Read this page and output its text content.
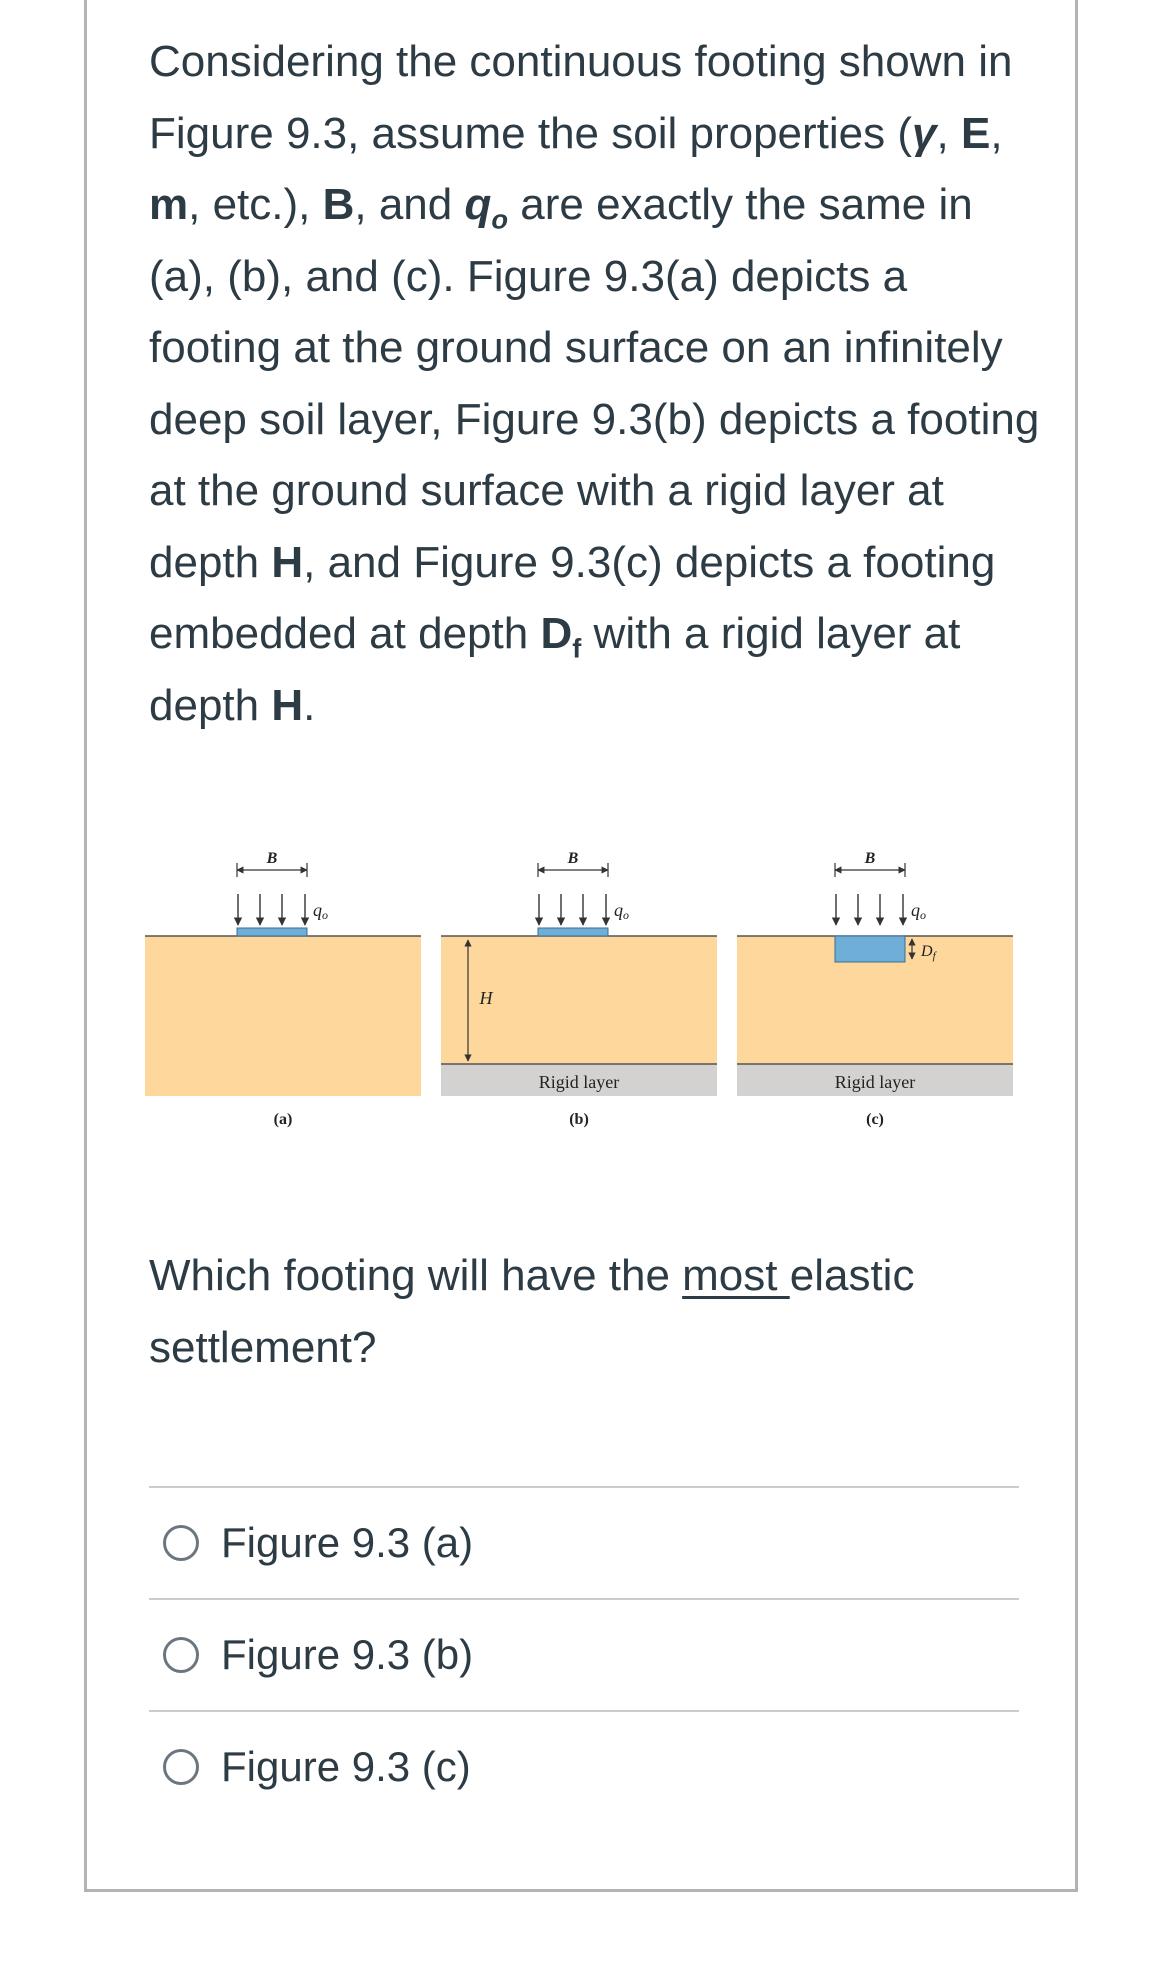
Considering the continuous footing shown in Figure 9.3, assume the soil properties (γ, E, m, etc.), B, and $q_o$ are exactly the same in (a), (b), and (c). Figure 9.3(a) depicts a footing at the ground surface on an infinitely deep soil layer, Figure 9.3(b) depicts a footing at the ground surface with a rigid layer at depth H, and Figure 9.3(c) depicts a footing embedded at depth $D_f$ with a rigid layer at depth H.
B
qo
(a)
B
qo
H
Rigid layer
(b)
B
qo
Df
Rigid layer
(c)
Which footing will have the most elastic settlement?
Figure 9.3 (a)
Figure 9.3 (b)
Figure 9.3 (c)
